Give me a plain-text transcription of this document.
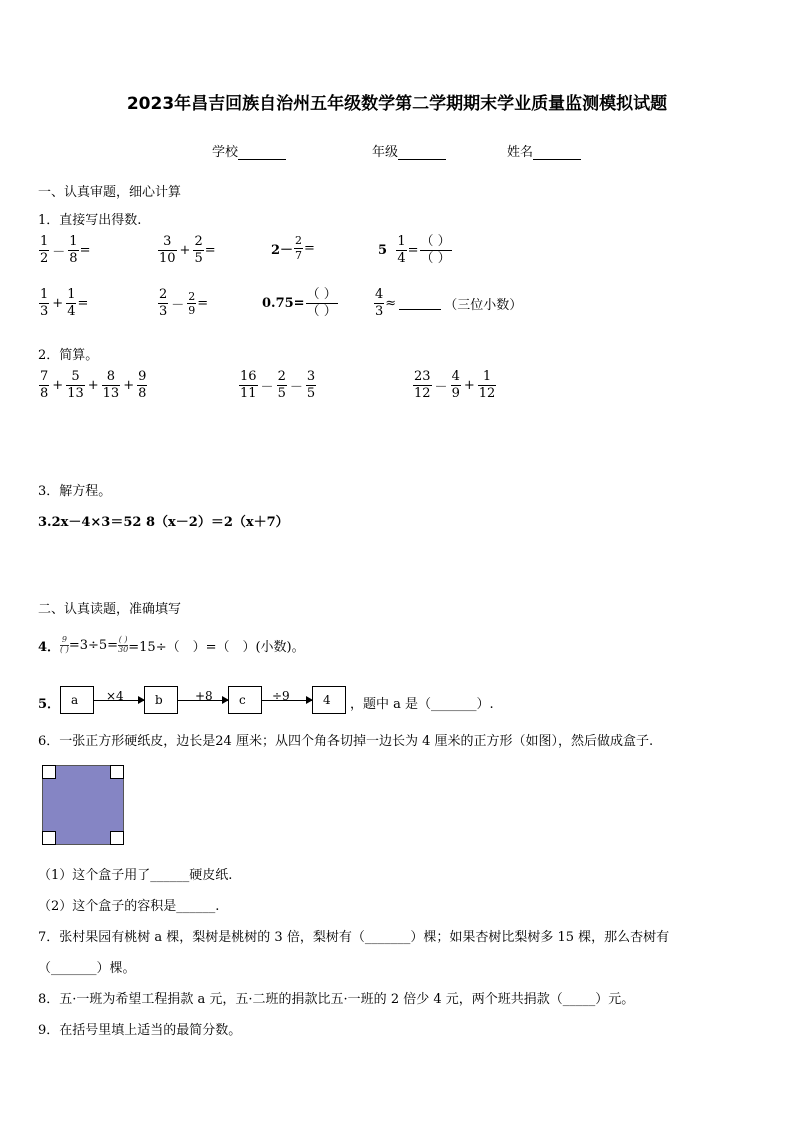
2023年昌吉回族自治州五年级数学第二学期期末学业质量监测模拟试题
学校	年级	姓名
一、认真审题，细心计算
1．直接写出得数.
$\frac{1}{2} - \frac{1}{8}$ =	$\frac{3}{10} + \frac{2}{5}$ =	$2- \frac{2}{7}$ =	5
$\frac{1}{4} = \frac{( )}{( )}$
$\frac{1}{3} + \frac{1}{4}$ =	$\frac{2}{3} - \frac{2}{9}$ =	$0.75= \frac{( )}{( )}$	$\frac{4}{3}$ ≈	（三位小数）
2．简算。
$\frac{7}{8} + \frac{5}{13} + \frac{8}{13} + \frac{9}{8}$	$\frac{16}{11} - \frac{2}{5} - \frac{3}{5}$	$\frac{23}{12} - \frac{4}{9} + \frac{1}{12}$
3．解方程。
3.2x－4×3＝52 8（x－2）＝2（x＋7）
二、认真读题，准确填写
4． $\frac{9}{( )} =3\div 5= \frac{( )}{30} =15\div$（　）=（　）(小数)。
5． a	×4	b	+8	c	÷9	4	，题中 a 是（_______）.
6．一张正方形硬纸皮，边长是24 厘米；从四个角各切掉一边长为 4 厘米的正方形（如图），然后做成盒子.
（1）这个盒子用了______硬皮纸.
（2）这个盒子的容积是______.
7．张村果园有桃树 a 棵，梨树是桃树的 3 倍，梨树有（_______）棵；如果杏树比梨树多 15 棵，那么杏树有
（_______）棵。
8．五·一班为希望工程捐款 a 元，五·二班的捐款比五·一班的 2 倍少 4 元，两个班共捐款（_____）元。
9．在括号里填上适当的最简分数。
